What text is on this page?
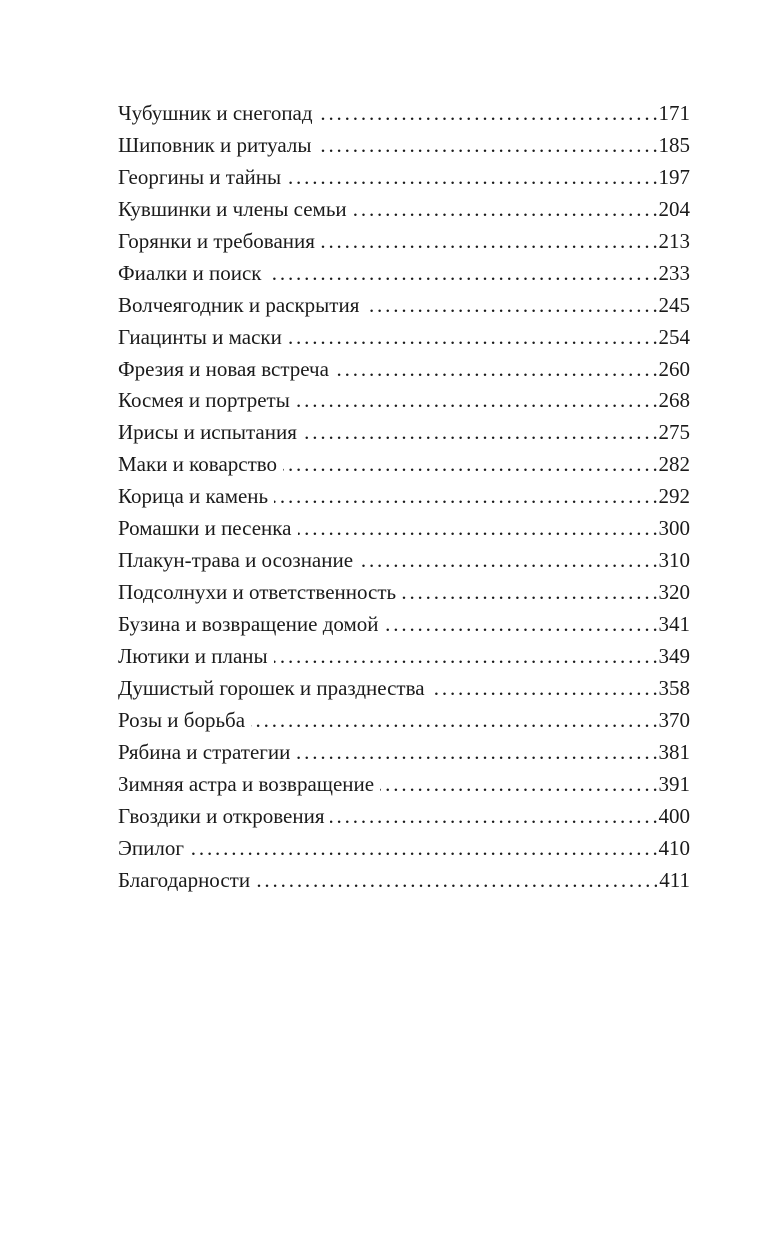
Чубушник и снегопад . . .	171
Шиповник и ритуалы . . .	185
Георгины и тайны . . .	197
Кувшинки и члены семьи . . .	204
Горянки и требования . . .	213
Фиалки и поиск . . .	233
Волчеягодник и раскрытия . . .	245
Гиацинты и маски . . .	254
Фрезия и новая встреча . . .	260
Космея и портреты . . .	268
Ирисы и испытания . . .	275
Маки и коварство . . .	282
Корица и камень . . .	292
Ромашки и песенка . . .	300
Плакун-трава и осознание . . .	310
Подсолнухи и ответственность . . .	320
Бузина и возвращение домой . . .	341
Лютики и планы . . .	349
Душистый горошек и празднества . . .	358
Розы и борьба . . .	370
Рябина и стратегии . . .	381
Зимняя астра и возвращение . . .	391
Гвоздики и откровения . . .	400
Эпилог . . .	410
Благодарности . . .	411
